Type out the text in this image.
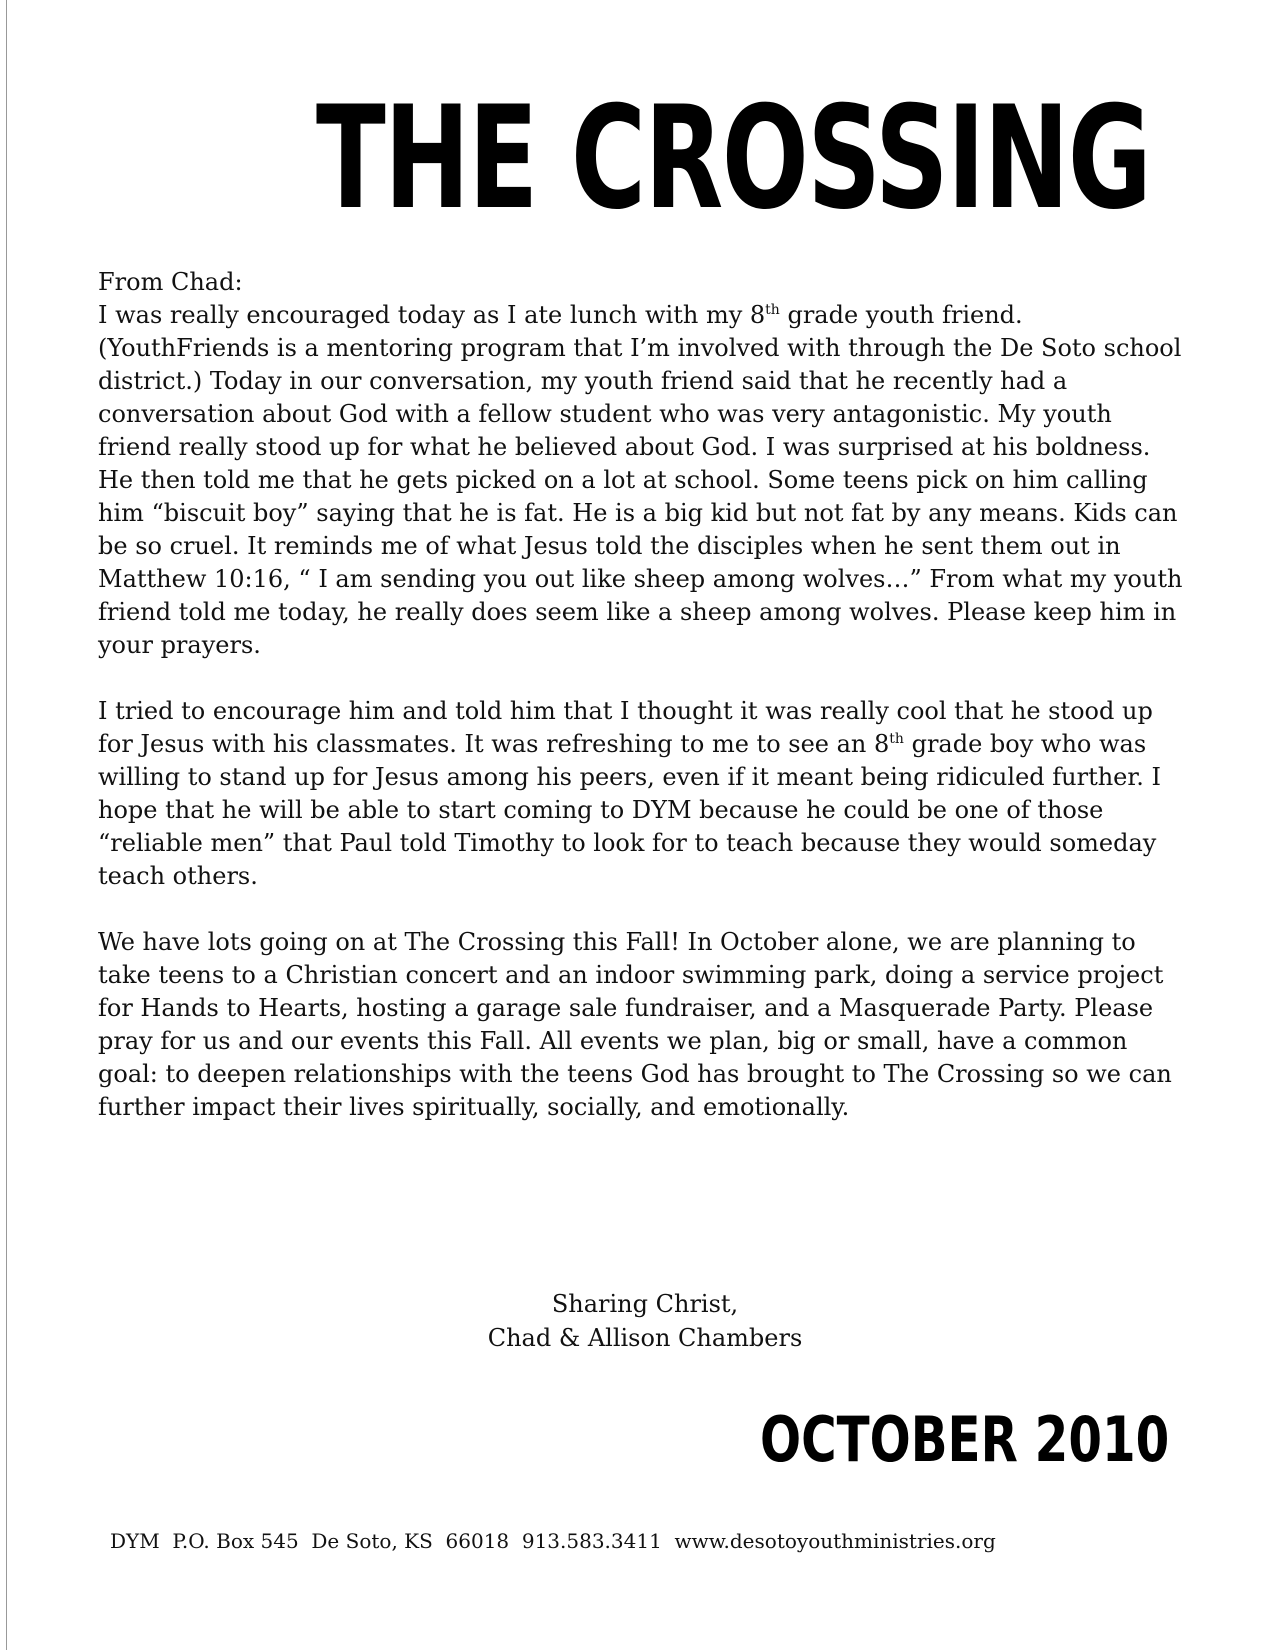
THE CROSSING

From Chad:

I was really encouraged today as I ate lunch with my 8th grade youth friend. (YouthFriends is a mentoring program that I’m involved with through the De Soto school district.) Today in our conversation, my youth friend said that he recently had a conversation about God with a fellow student who was very antagonistic. My youth friend really stood up for what he believed about God. I was surprised at his boldness. He then told me that he gets picked on a lot at school. Some teens pick on him calling him “biscuit boy” saying that he is fat. He is a big kid but not fat by any means. Kids can be so cruel. It reminds me of what Jesus told the disciples when he sent them out in Matthew 10:16, “ I am sending you out like sheep among wolves…” From what my youth friend told me today, he really does seem like a sheep among wolves. Please keep him in your prayers.

I tried to encourage him and told him that I thought it was really cool that he stood up for Jesus with his classmates. It was refreshing to me to see an 8th grade boy who was willing to stand up for Jesus among his peers, even if it meant being ridiculed further. I hope that he will be able to start coming to DYM because he could be one of those “reliable men” that Paul told Timothy to look for to teach because they would someday teach others.

We have lots going on at The Crossing this Fall! In October alone, we are planning to take teens to a Christian concert and an indoor swimming park, doing a service project for Hands to Hearts, hosting a garage sale fundraiser, and a Masquerade Party. Please pray for us and our events this Fall. All events we plan, big or small, have a common goal: to deepen relationships with the teens God has brought to The Crossing so we can further impact their lives spiritually, socially, and emotionally.

Sharing Christ,
Chad & Allison Chambers
OCTOBER 2010
DYM  P.O. Box 545  De Soto, KS  66018  913.583.3411  www.desotoyouthministries.org
